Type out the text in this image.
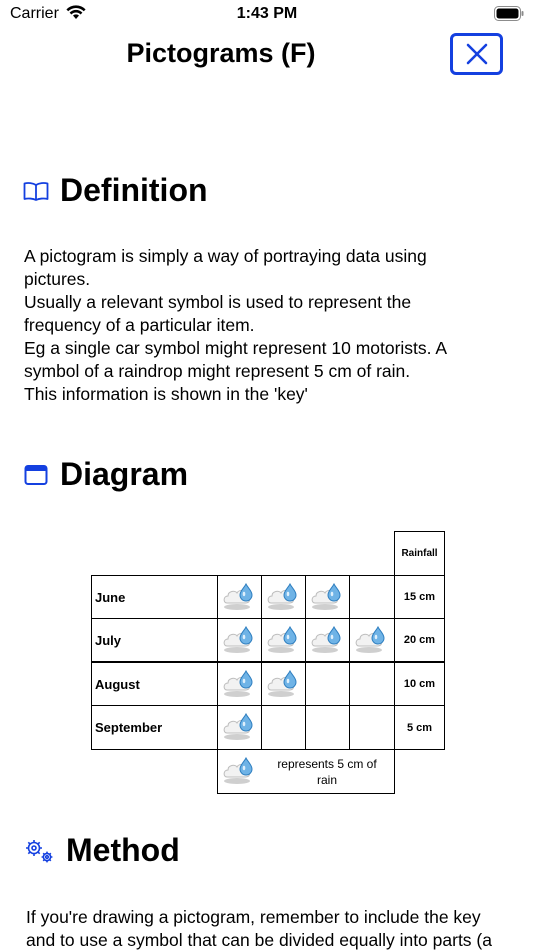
Carrier	1:43 PM
Pictograms (F)
Definition

A pictogram is simply a way of portraying data using

pictures.

Usually a relevant symbol is used to represent the

frequency of a particular item.

Eg a single car symbol might represent 10 motorists. A

symbol of a raindrop might represent 5 cm of rain.

This information is shown in the 'key'

Diagram
Rainfall
June	15 cm
July	20 cm
August	10 cm
September	5 cm
represents 5 cm of rain
Method

If you're drawing a pictogram, remember to include the key

and to use a symbol that can be divided equally into parts (a
